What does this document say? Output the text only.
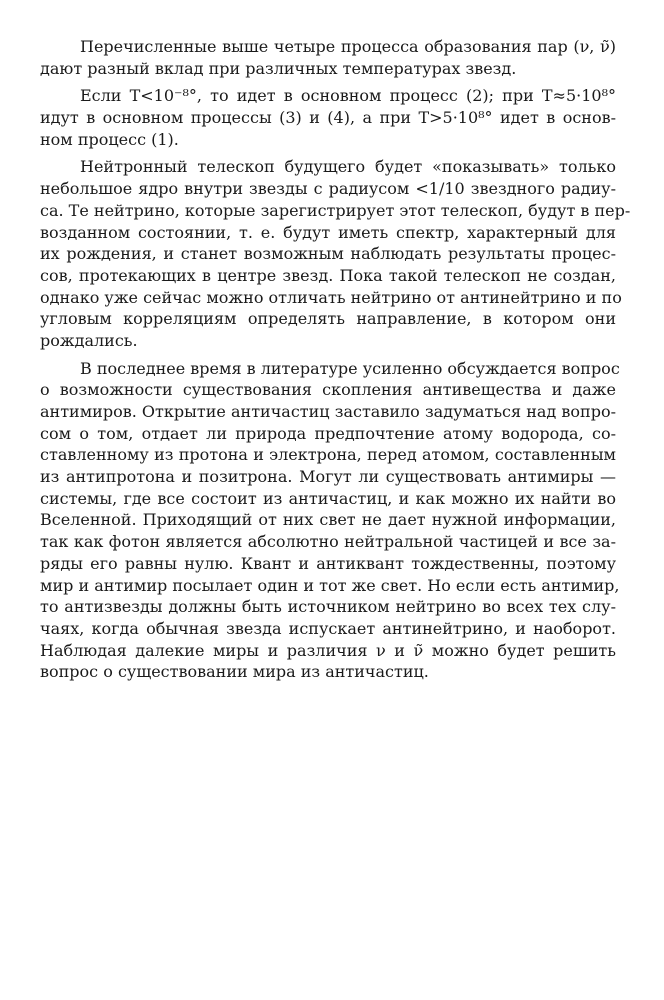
Перечисленные выше четыре процесса образования пар (ν, ν̃)
дают разный вклад при различных температурах звезд.
Если T<10⁻⁸°, то идет в основном процесс (2); при T≈5·10⁸°
идут в основном процессы (3) и (4), а при T>5·10⁸° идет в основ-
ном процесс (1).
Нейтронный телескоп будущего будет «показывать» только
небольшое ядро внутри звезды с радиусом <1/10 звездного радиу-
са. Те нейтрино, которые зарегистрирует этот телескоп, будут в пер-
возданном состоянии, т. е. будут иметь спектр, характерный для
их рождения, и станет возможным наблюдать результаты процес-
сов, протекающих в центре звезд. Пока такой телескоп не создан,
однако уже сейчас можно отличать нейтрино от антинейтрино и по
угловым корреляциям определять направление, в котором они
рождались.
В последнее время в литературе усиленно обсуждается вопрос
о возможности существования скопления антивещества и даже
антимиров. Открытие античастиц заставило задуматься над вопро-
сом о том, отдает ли природа предпочтение атому водорода, со-
ставленному из протона и электрона, перед атомом, составленным
из антипротона и позитрона. Могут ли существовать антимиры —
системы, где все состоит из античастиц, и как можно их найти во
Вселенной. Приходящий от них свет не дает нужной информации,
так как фотон является абсолютно нейтральной частицей и все за-
ряды его равны нулю. Квант и антиквант тождественны, поэтому
мир и антимир посылает один и тот же свет. Но если есть антимир,
то антизвезды должны быть источником нейтрино во всех тех слу-
чаях, когда обычная звезда испускает антинейтрино, и наоборот.
Наблюдая далекие миры и различия ν и ν̃ можно будет решить
вопрос о существовании мира из античастиц.
